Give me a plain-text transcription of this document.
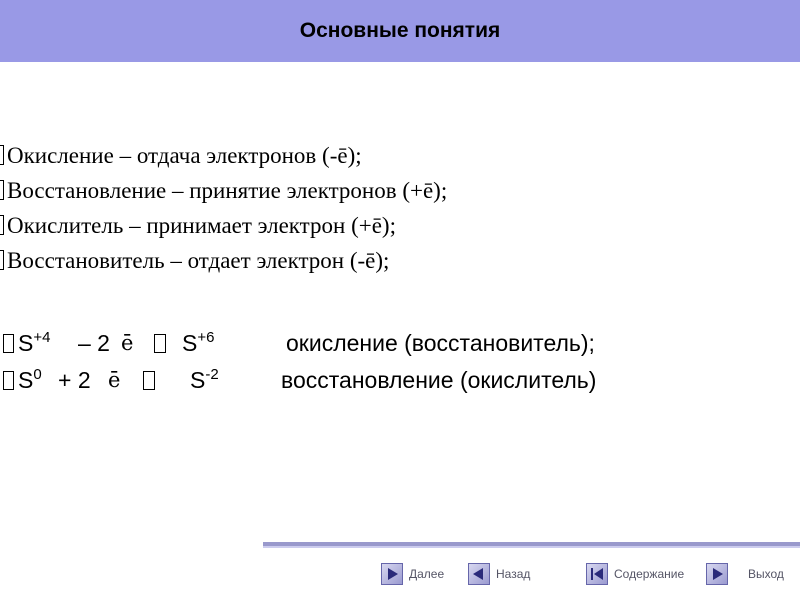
Основные понятия
Окисление – отдача электронов (-ē);
Восстановление – принятие электронов (+ē);
Окислитель – принимает электрон (+ē);
Восстановитель – отдает электрон (-ē);
$S^{+4} - 2$ ē $S^{+6}$	окисление (восстановитель);
$S^0 + 2$ ē	$S^{-2}$	восстановление (окислитель)
Далее	Назад	Содержание	Выход
